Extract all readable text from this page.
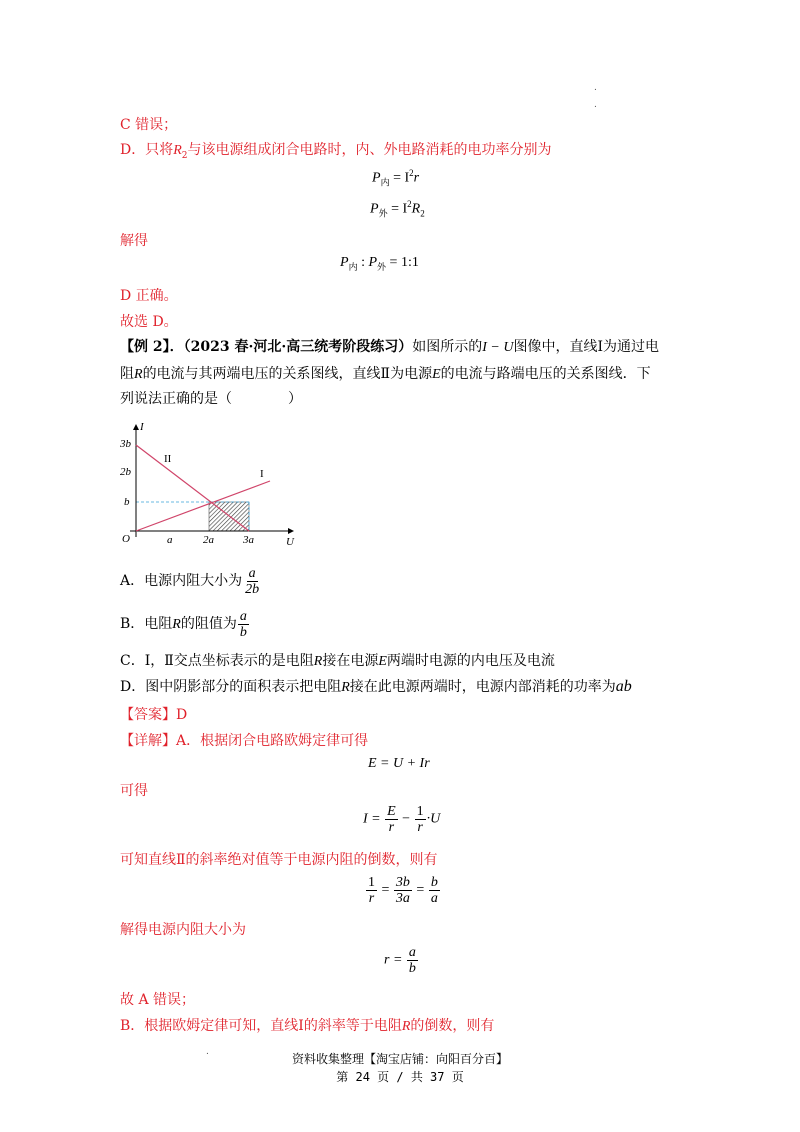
.
.
C 错误；
D．只将$R_2$与该电源组成闭合电路时，内、外电路消耗的电功率分别为
$P_内 = I^2r$
$P_外 = I^2R_2$
解得
$P_内$ : $P_外$ = 1:1
D 正确。
故选 D。
【例 2】．（2023 春·河北·高三统考阶段练习）如图所示的I − U图像中，直线Ⅰ为通过电
阻R的电流与其两端电压的关系图线，直线Ⅱ为电源E的电流与路端电压的关系图线．下
列说法正确的是（　　　　）
I
U
O
3b
2b
b
a	2a	3a
II
I
A．电源内阻大小为 $\frac{a}{2b}$
B．电阻R的阻值为 $\frac{a}{b}$
C．Ⅰ，Ⅱ交点坐标表示的是电阻R接在电源E两端时电源的内电压及电流
D．图中阴影部分的面积表示把电阻R接在此电源两端时，电源内部消耗的功率为ab
【答案】D
【详解】A．根据闭合电路欧姆定律可得
E = U + Ir
可得
$I = \frac{E}{r} - \frac{1}{r} \cdot U$
可知直线Ⅱ的斜率绝对值等于电源内阻的倒数，则有
$\frac{1}{r} = \frac{3b}{3a} = \frac{b}{a}$
解得电源内阻大小为
$r = \frac{a}{b}$
故 A 错误；
B．根据欧姆定律可知，直线Ⅰ的斜率等于电阻R的倒数，则有
.	资料收集整理【淘宝店铺：向阳百分百】
第 24 页 / 共 37 页
